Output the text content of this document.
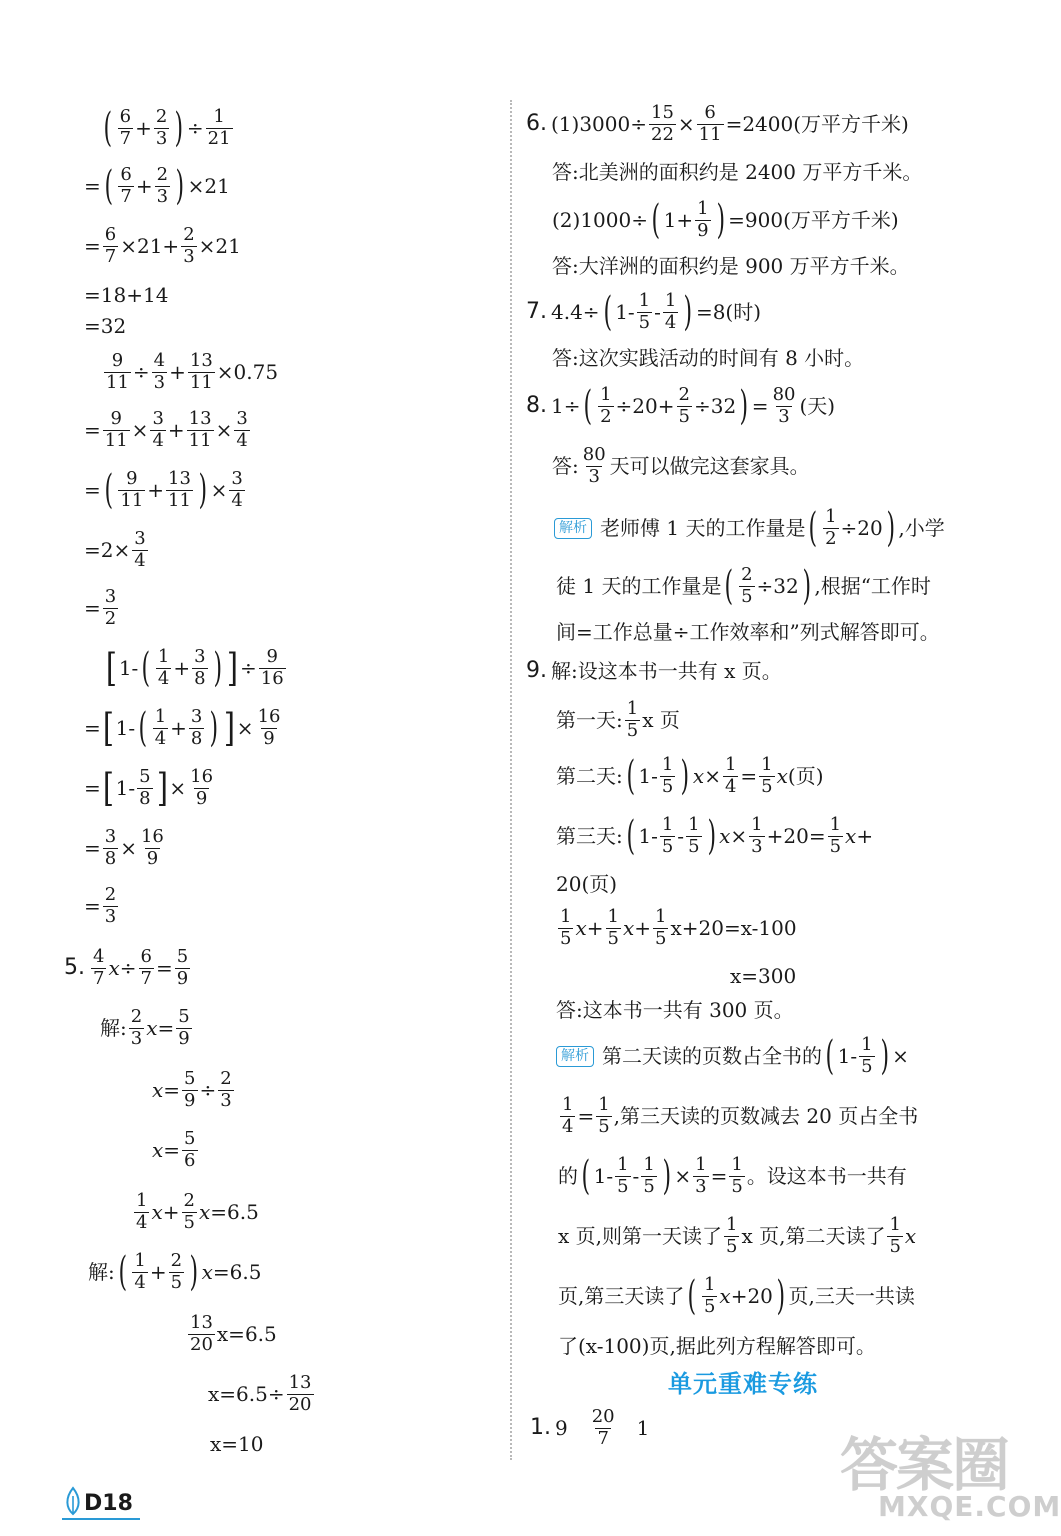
( $\frac{6}{7} + \frac{2}{3}$ ) ÷ $\frac{1}{21}$
= ( $\frac{6}{7} + \frac{2}{3}$ ) ×21
= $\frac{6}{7} \times 21+ \frac{2}{3} \times 21$
=18+14
=32
$\frac{9}{11} \div \frac{4}{3} + \frac{13}{11} \times 0.75$
= $\frac{9}{11} \times \frac{3}{4} + \frac{13}{11} \times \frac{3}{4}$
= ( $\frac{9}{11} + \frac{13}{11}$ ) × $\frac{3}{4}$
$=2\times \frac{3}{4}$
= $\frac{3}{2}$
[ 1- ( $\frac{1}{4} + \frac{3}{8}$ ) ] ÷ $\frac{9}{16}$
= [ 1- ( $\frac{1}{4} + \frac{3}{8}$ ) ] × $\frac{16}{9}$
= [ $1- \frac{5}{8}$ ] × $\frac{16}{9}$
= $\frac{3}{8} \times \frac{16}{9}$
= $\frac{2}{3}$
5. $\frac{4}{7}$ $x \div \frac{6}{7} = \frac{5}{9}$
解: $\frac{2}{3}$ $x = \frac{5}{9}$
$x = \frac{5}{9} \div \frac{2}{3}$
$x = \frac{5}{6}$
$\frac{1}{4}$ $x + \frac{2}{5}$ x =6.5
解: ( $\frac{1}{4} + \frac{2}{5}$ ) x =6.5
$\frac{13}{20} x=6.5$
$x=6.5\div \frac{13}{20}$
x=10
6. $(1)3000\div \frac{15}{22} \times \frac{6}{11} =2400$(万平方千米)
答:北美洲的面积约是 2400 万平方千米。
(2)1000÷ ( $1+ \frac{1}{9}$ ) =900(万平方千米)
答:大洋洲的面积约是 900 万平方千米。
7. 4.4÷ ( $1- \frac{1}{5} - \frac{1}{4}$ ) =8(时)
答:这次实践活动的时间有 8 小时。
8. 1÷ ( $\frac{1}{2} \div 20+ \frac{2}{5} \div 32$ ) = $\frac{80}{3}$ (天)
答: $\frac{80}{3}$ 天可以做完这套家具。
解析 老师傅 1 天的工作量是 ( $\frac{1}{2} \div 20$ ) ,小学
徒 1 天的工作量是 ( $\frac{2}{5} \div 32$ ) ,根据“工作时
间=工作总量÷工作效率和”列式解答即可。
9. 解:设这本书一共有 x 页。
第一天: $\frac{1}{5}$ x 页
第二天: ( $1- \frac{1}{5}$ ) $x \times \frac{1}{4} = \frac{1}{5}$ x (页)
第三天: ( $1- \frac{1}{5} - \frac{1}{5}$ ) $x \times \frac{1}{3} +20= \frac{1}{5}$ x +
20(页)
$\frac{1}{5}$ $x + \frac{1}{5}$ $x + \frac{1}{5} x+20=x-100$
x=300
答:这本书一共有 300 页。
解析 第二天读的页数占全书的 ( $1- \frac{1}{5}$ ) ×
$\frac{1}{4} = \frac{1}{5}$ ,第三天读的页数减去 20 页占全书
的 ( $1- \frac{1}{5} - \frac{1}{5}$ ) × $\frac{1}{3} = \frac{1}{5}$ 。设这本书一共有
x 页,则第一天读了 $\frac{1}{5}$ x 页,第二天读了 $\frac{1}{5}$ x
页,第三天读了 ( $\frac{1}{5}$ x +20 ) 页,三天一共读
了(x-100)页,据此列方程解答即可。
单元重难专练
1. $9 \frac{20}{7} 1$
D18
答案圈
MXQE.COM
